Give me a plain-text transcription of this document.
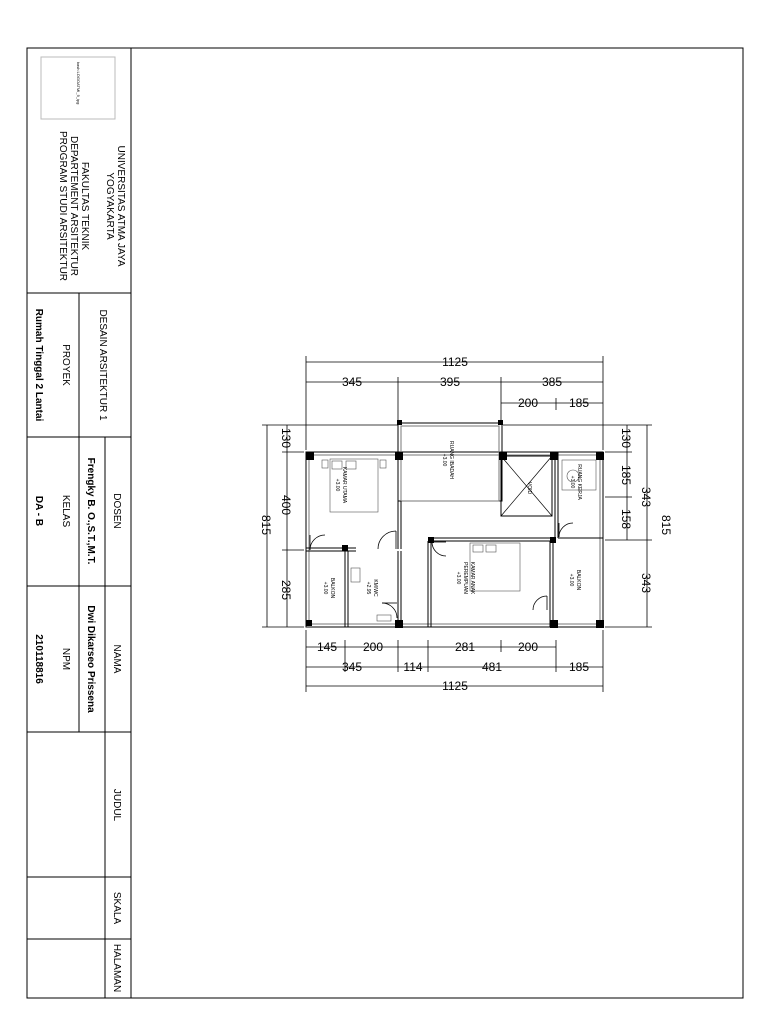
kash LOGOATMI_9_ipg
UNIVERSITAS ATMA JAYA
YOGYAKARTA
FAKULTAS TEKNIK
DEPARTEMENT ARSITEKTUR
PROGRAM STUDI ARSITEKTUR
DESAIN ARSITEKTUR 1
PROYEK
Rumah Tinggal 2 Lantai
DOSEN
Frengky B. O.,S.T.,M.T.
KELAS
DA - B
NAMA
Dwi Dikarseo Prissena
NPM
210118816
JUDUL
SKALA
HALAMAN
KAMAR UTAMA
+3.00
RUANG IBADAH
+3.00
VOID	RUANG KERJA
+3.00
BALKON
+3.00	KM/WC
+2.95	KAMAR ANAK
PEREMPUAN
+3.00	BALKON
+3.00
1125
345	395	385
200	185
145 200	281	200
345	114	481	185
1125
130
400
285
815
130
185
158
343
343
815
